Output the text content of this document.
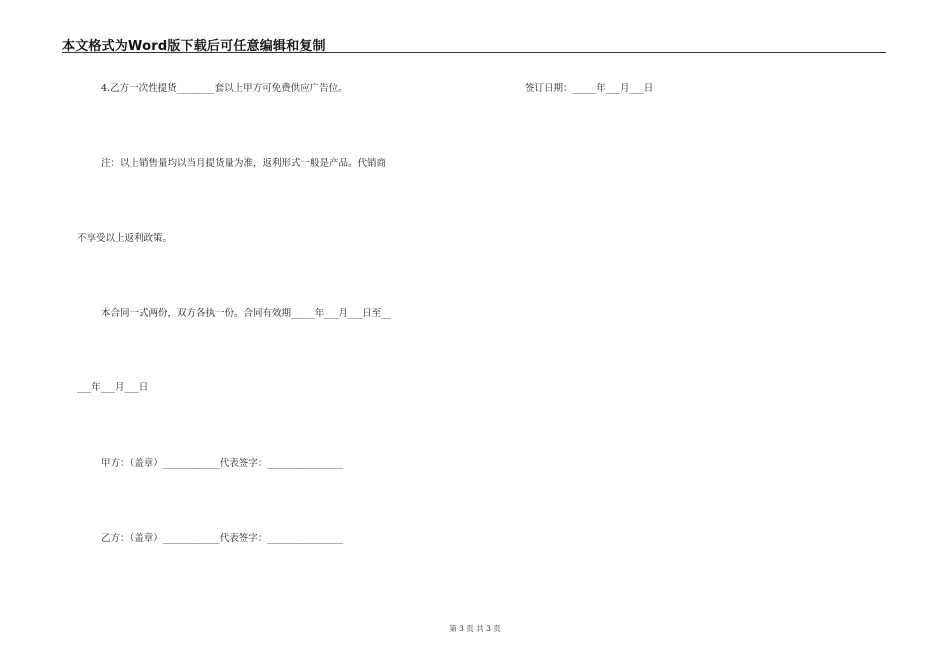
本文格式为Word版下载后可任意编辑和复制
4.乙方一次性提货________套以上甲方可免费供应广告位。	签订日期：_____年___月___日
注：以上销售量均以当月提货量为准，返利形式一般是产品。代销商
不享受以上返利政策。
本合同一式两份，双方各执一份。合同有效期_____年___月___日至__
___年___月___日
甲方：（盖章）____________代表签字：________________
乙方：（盖章）____________代表签字：________________
第 3 页 共 3 页
